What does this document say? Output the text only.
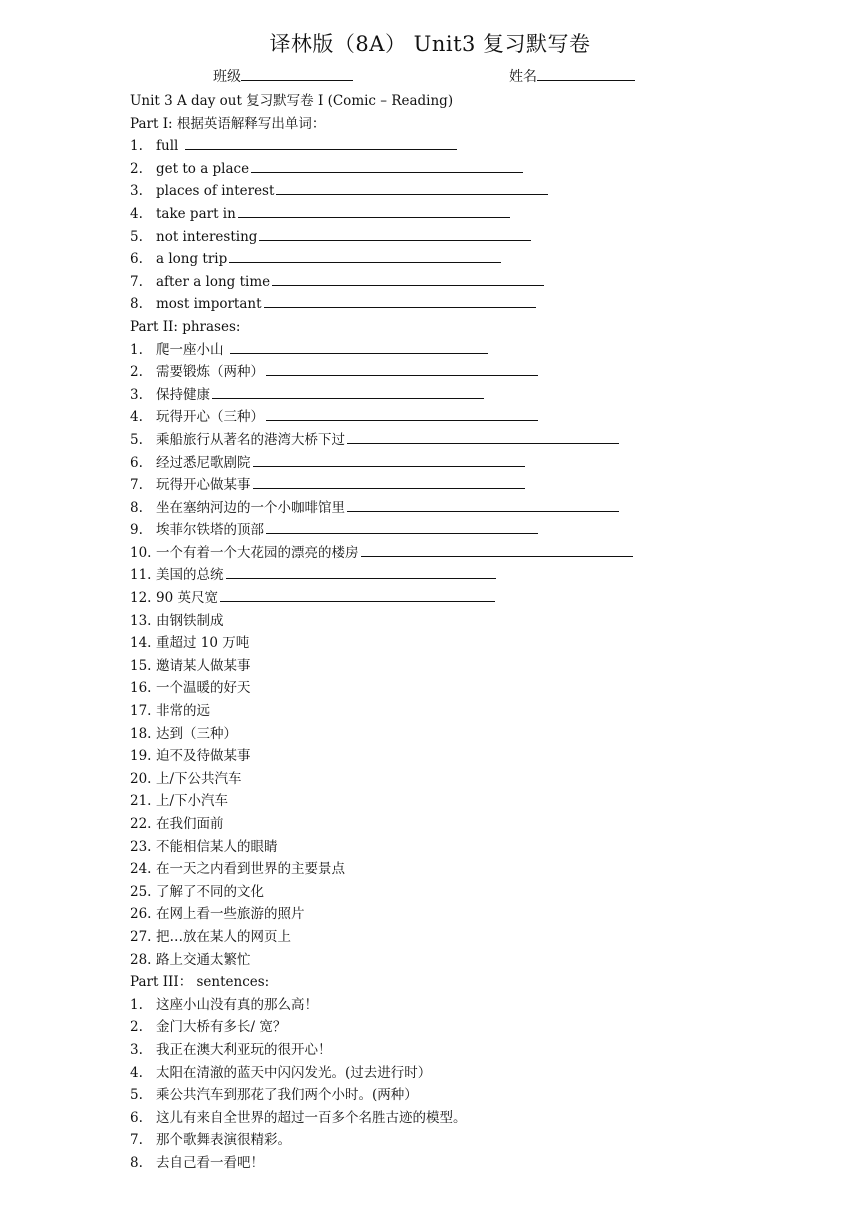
译林版（8A） Unit3 复习默写卷
班级	姓名
Unit 3 A day out 复习默写卷 I (Comic – Reading)
Part I: 根据英语解释写出单词：
1. full
2. get to a place
3. places of interest
4. take part in
5. not interesting
6. a long trip
7. after a long time
8. most important
Part II: phrases:
1. 爬一座小山
2. 需要锻炼（两种）
3. 保持健康
4. 玩得开心（三种）
5. 乘船旅行从著名的港湾大桥下过
6. 经过悉尼歌剧院
7. 玩得开心做某事
8. 坐在塞纳河边的一个小咖啡馆里
9. 埃菲尔铁塔的顶部
10. 一个有着一个大花园的漂亮的楼房
11. 美国的总统
12. 90 英尺宽
13. 由钢铁制成
14. 重超过 10 万吨
15. 邀请某人做某事
16. 一个温暖的好天
17. 非常的远
18. 达到（三种）
19. 迫不及待做某事
20. 上/下公共汽车
21. 上/下小汽车
22. 在我们面前
23. 不能相信某人的眼睛
24. 在一天之内看到世界的主要景点
25. 了解了不同的文化
26. 在网上看一些旅游的照片
27. 把…放在某人的网页上
28. 路上交通太繁忙
Part III： sentences:
1. 这座小山没有真的那么高！
2. 金门大桥有多长/ 宽？
3. 我正在澳大利亚玩的很开心！
4. 太阳在清澈的蓝天中闪闪发光。(过去进行时）
5. 乘公共汽车到那花了我们两个小时。(两种）
6. 这儿有来自全世界的超过一百多个名胜古迹的模型。
7. 那个歌舞表演很精彩。
8. 去自己看一看吧！
